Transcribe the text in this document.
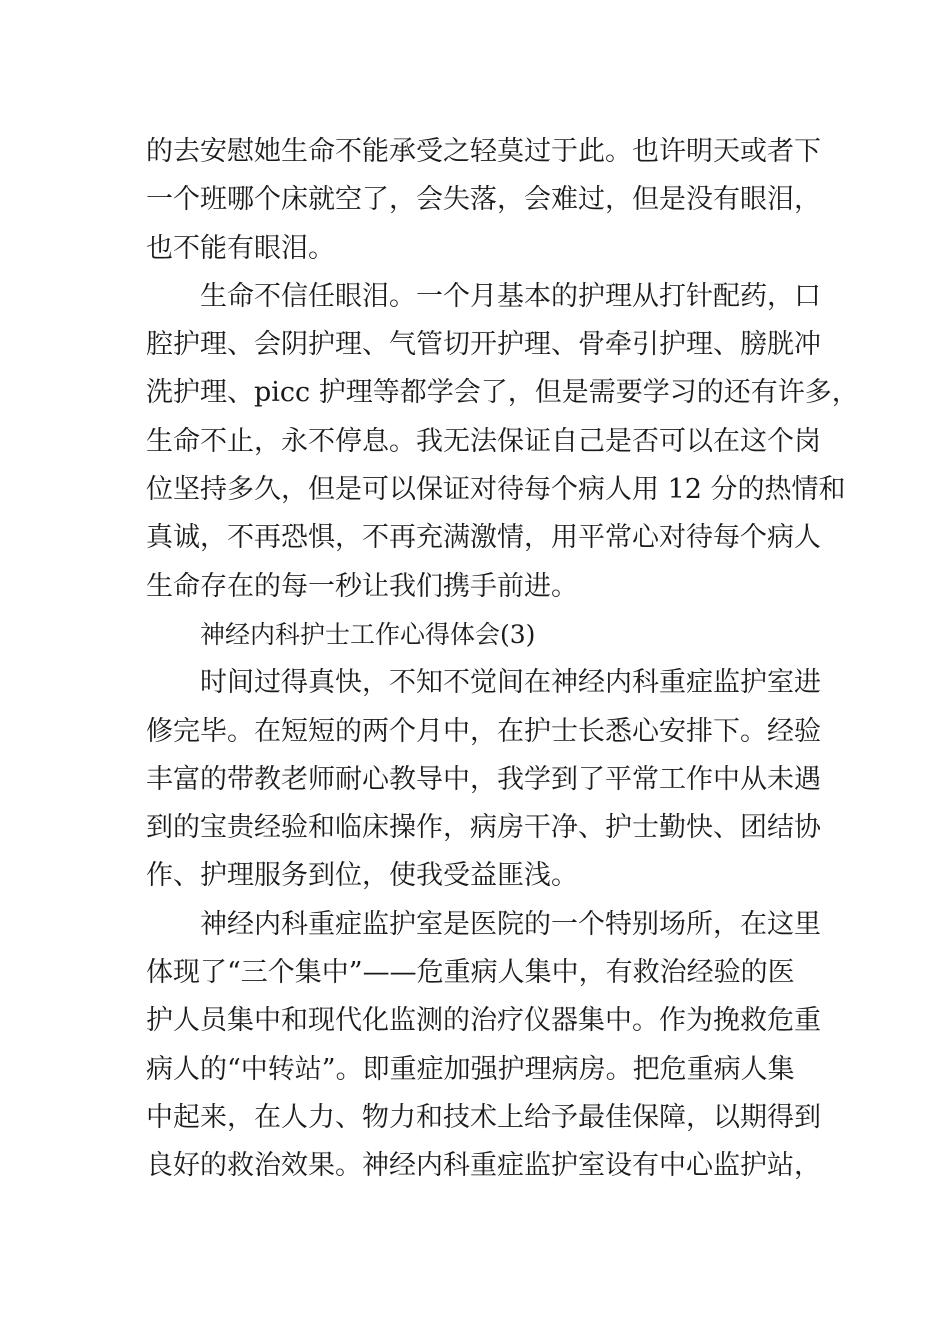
的去安慰她生命不能承受之轻莫过于此。也许明天或者下
一个班哪个床就空了，会失落，会难过，但是没有眼泪，
也不能有眼泪。

生命不信任眼泪。一个月基本的护理从打针配药，口
腔护理、会阴护理、气管切开护理、骨牵引护理、膀胱冲
洗护理、picc 护理等都学会了，但是需要学习的还有许多，
生命不止，永不停息。我无法保证自己是否可以在这个岗
位坚持多久，但是可以保证对待每个病人用 12 分的热情和
真诚，不再恐惧，不再充满激情，用平常心对待每个病人
生命存在的每一秒让我们携手前进。

神经内科护士工作心得体会(3)

时间过得真快，不知不觉间在神经内科重症监护室进
修完毕。在短短的两个月中，在护士长悉心安排下。经验
丰富的带教老师耐心教导中，我学到了平常工作中从未遇
到的宝贵经验和临床操作，病房干净、护士勤快、团结协
作、护理服务到位，使我受益匪浅。

神经内科重症监护室是医院的一个特别场所，在这里
体现了“三个集中”——危重病人集中，有救治经验的医
护人员集中和现代化监测的治疗仪器集中。作为挽救危重
病人的“中转站”。即重症加强护理病房。把危重病人集
中起来，在人力、物力和技术上给予最佳保障，以期得到
良好的救治效果。神经内科重症监护室设有中心监护站，
